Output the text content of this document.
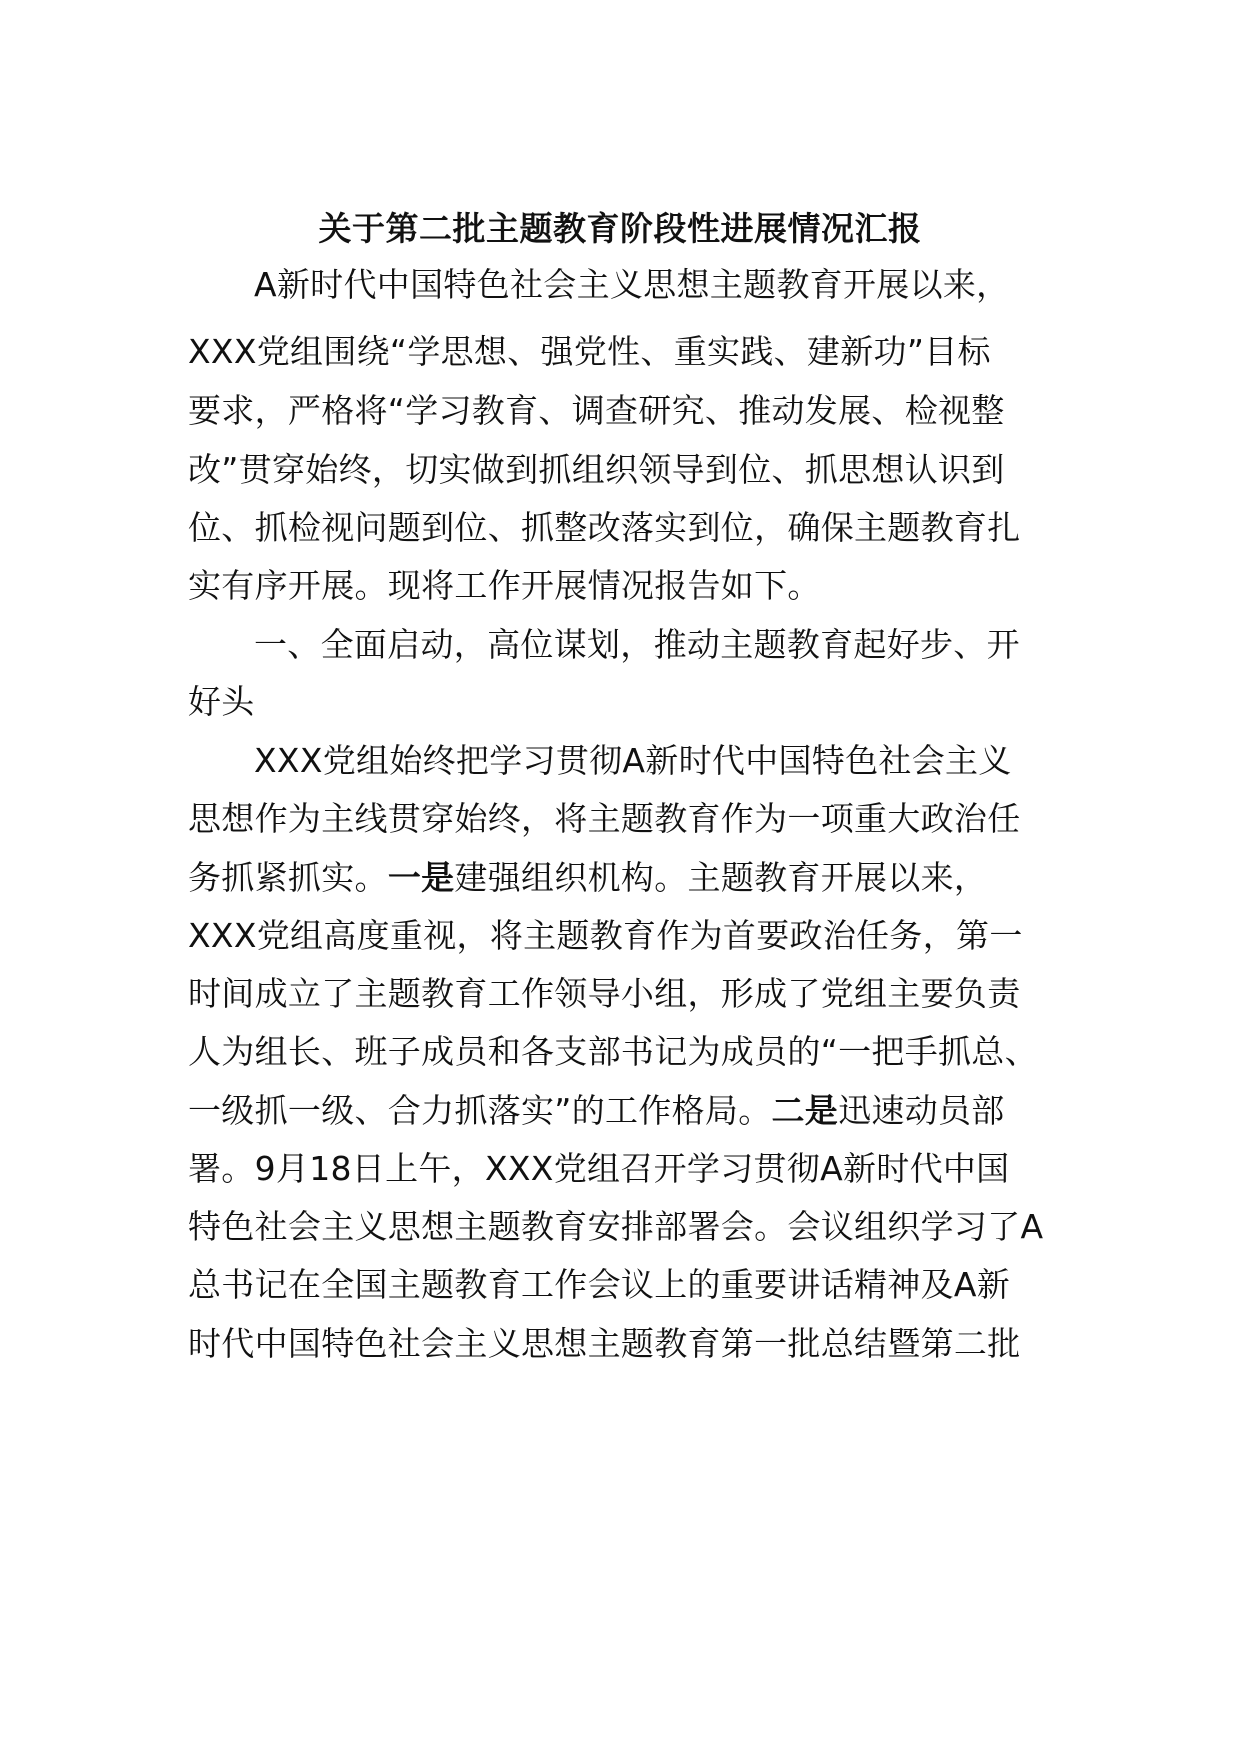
关于第二批主题教育阶段性进展情况汇报
A新时代中国特色社会主义思想主题教育开展以来，
XXX党组围绕“学思想、强党性、重实践、建新功”目标
要求，严格将“学习教育、调查研究、推动发展、检视整
改”贯穿始终，切实做到抓组织领导到位、抓思想认识到
位、抓检视问题到位、抓整改落实到位，确保主题教育扎
实有序开展。现将工作开展情况报告如下。
一、全面启动，高位谋划，推动主题教育起好步、开
好头
XXX党组始终把学习贯彻A新时代中国特色社会主义
思想作为主线贯穿始终，将主题教育作为一项重大政治任
务抓紧抓实。一是建强组织机构。主题教育开展以来，
XXX党组高度重视，将主题教育作为首要政治任务，第一
时间成立了主题教育工作领导小组，形成了党组主要负责
人为组长、班子成员和各支部书记为成员的“一把手抓总、
一级抓一级、合力抓落实”的工作格局。二是迅速动员部
署。9月18日上午，XXX党组召开学习贯彻A新时代中国
特色社会主义思想主题教育安排部署会。会议组织学习了A
总书记在全国主题教育工作会议上的重要讲话精神及A新
时代中国特色社会主义思想主题教育第一批总结暨第二批
